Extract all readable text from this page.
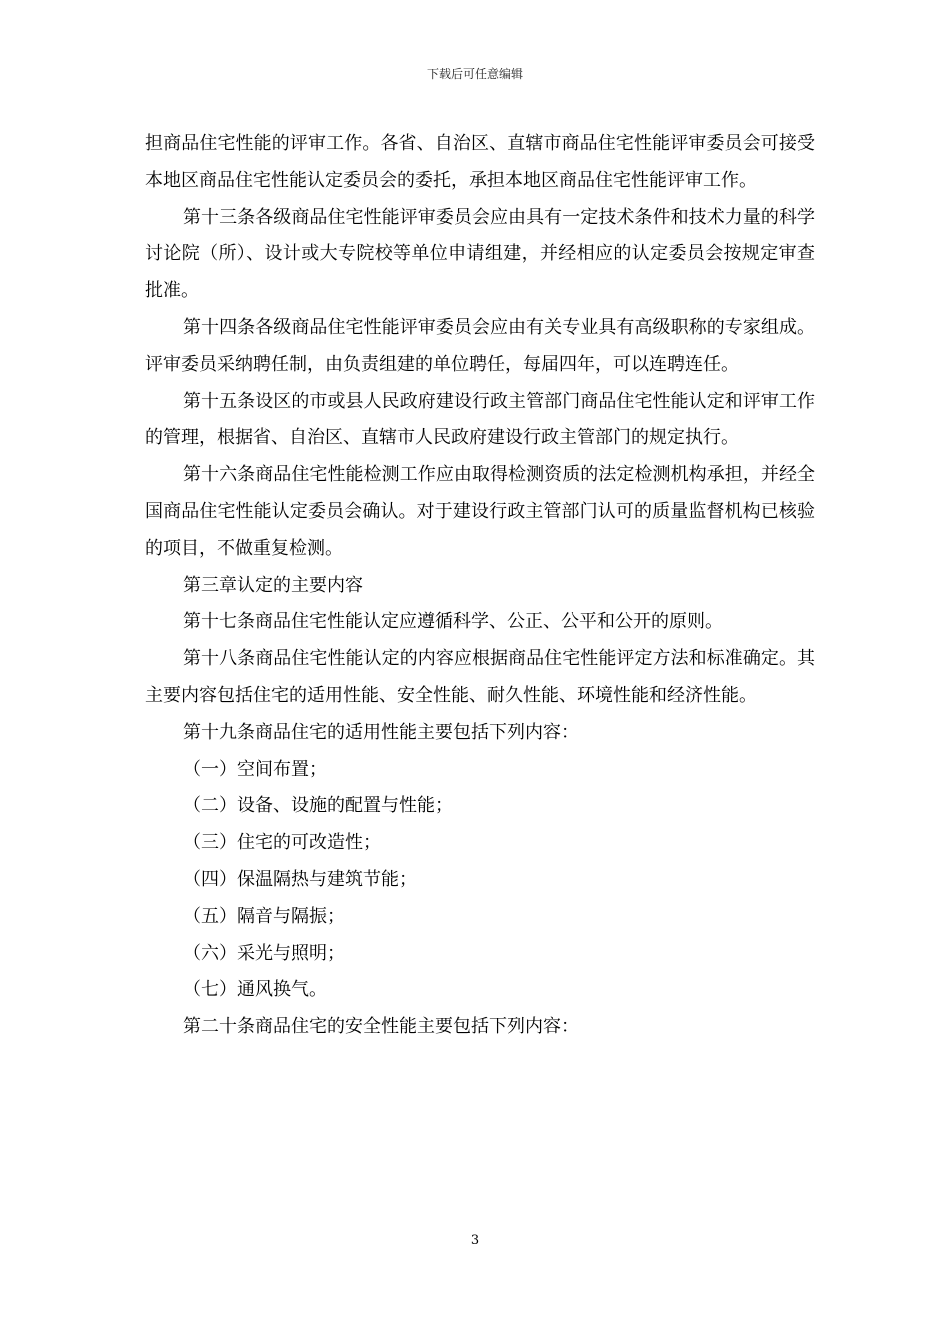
下载后可任意编辑

担商品住宅性能的评审工作。各省、自治区、直辖市商品住宅性能评审委员会可接受本地区商品住宅性能认定委员会的委托，承担本地区商品住宅性能评审工作。

第十三条各级商品住宅性能评审委员会应由具有一定技术条件和技术力量的科学讨论院（所）、设计或大专院校等单位申请组建，并经相应的认定委员会按规定审查批准。

第十四条各级商品住宅性能评审委员会应由有关专业具有高级职称的专家组成。评审委员采纳聘任制，由负责组建的单位聘任，每届四年，可以连聘连任。

第十五条设区的市或县人民政府建设行政主管部门商品住宅性能认定和评审工作的管理，根据省、自治区、直辖市人民政府建设行政主管部门的规定执行。

第十六条商品住宅性能检测工作应由取得检测资质的法定检测机构承担，并经全国商品住宅性能认定委员会确认。对于建设行政主管部门认可的质量监督机构已核验的项目，不做重复检测。

第三章认定的主要内容

第十七条商品住宅性能认定应遵循科学、公正、公平和公开的原则。

第十八条商品住宅性能认定的内容应根据商品住宅性能评定方法和标准确定。其主要内容包括住宅的适用性能、安全性能、耐久性能、环境性能和经济性能。

第十九条商品住宅的适用性能主要包括下列内容：

（一）空间布置；

（二）设备、设施的配置与性能；

（三）住宅的可改造性；

（四）保温隔热与建筑节能；

（五）隔音与隔振；

（六）采光与照明；

（七）通风换气。

第二十条商品住宅的安全性能主要包括下列内容：

3
